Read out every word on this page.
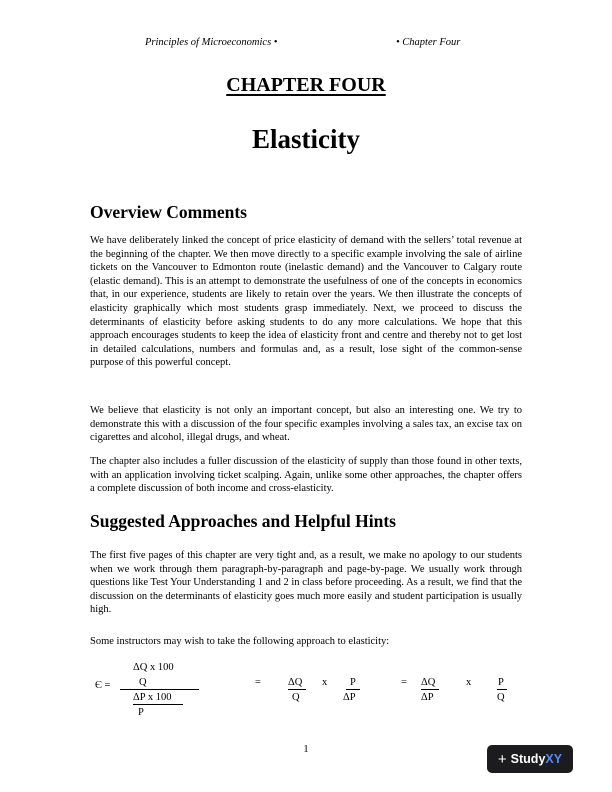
Principles of Microeconomics •	• Chapter Four
CHAPTER FOUR
Elasticity
Overview Comments

We have deliberately linked the concept of price elasticity of demand with the sellers’ total revenue at the beginning of the chapter. We then move directly to a specific example involving the sale of airline tickets on the Vancouver to Edmonton route (inelastic demand) and the Vancouver to Calgary route (elastic demand). This is an attempt to demonstrate the usefulness of one of the concepts in economics that, in our experience, students are likely to retain over the years. We then illustrate the concepts of elasticity graphically which most students grasp immediately. Next, we proceed to discuss the determinants of elasticity before asking students to do any more calculations. We hope that this approach encourages students to keep the idea of elasticity front and centre and thereby not to get lost in detailed calculations, numbers and formulas and, as a result, lose sight of the common-sense purpose of this powerful concept.

We believe that elasticity is not only an important concept, but also an interesting one. We try to demonstrate this with a discussion of the four specific examples involving a sales tax, an excise tax on cigarettes and alcohol, illegal drugs, and wheat.

The chapter also includes a fuller discussion of the elasticity of supply than those found in other texts, with an application involving ticket scalping. Again, unlike some other approaches, the chapter offers a complete discussion of both income and cross-elasticity.

Suggested Approaches and Helpful Hints

The first five pages of this chapter are very tight and, as a result, we make no apology to our students when we work through them paragraph-by-paragraph and page-by-page. We usually work through questions like Test Your Understanding 1 and 2 in class before proceeding. As a result, we find that the discussion on the determinants of elasticity goes much more easily and student participation is usually high.

Some instructors may wish to take the following approach to elasticity:

Є =
ΔQ x 100
Q
ΔP x 100
P
=	ΔQ
Q
x P
ΔP
= ΔQ
ΔP
x	P
Q
1
+ Study XY
